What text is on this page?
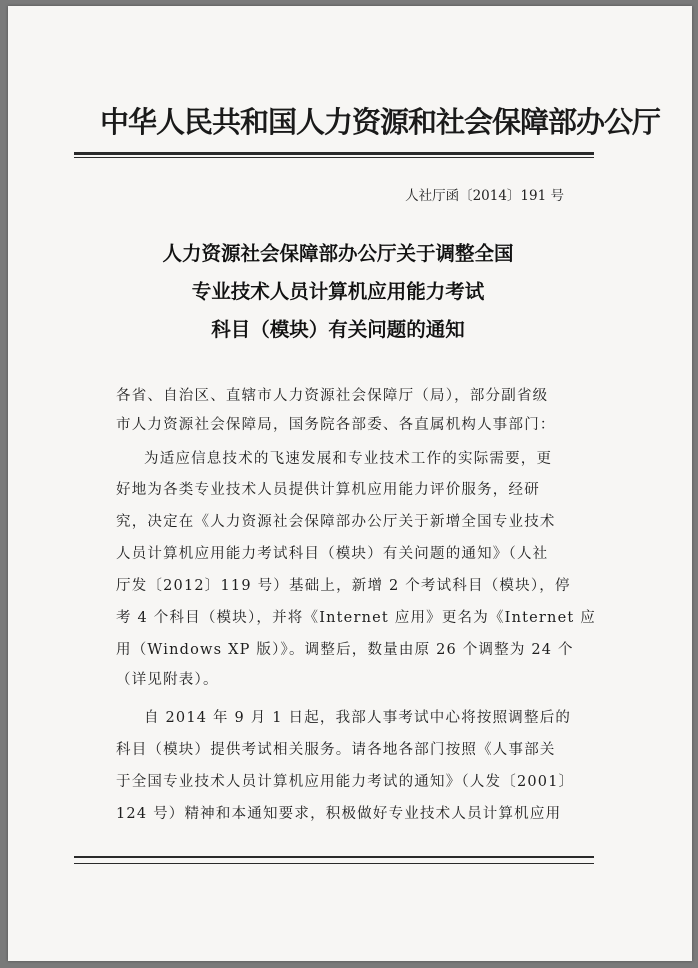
中华人民共和国人力资源和社会保障部办公厅
人社厅函〔2014〕191 号
人力资源社会保障部办公厅关于调整全国
专业技术人员计算机应用能力考试
科目（模块）有关问题的通知
各省、自治区、直辖市人力资源社会保障厅（局），部分副省级
市人力资源社会保障局，国务院各部委、各直属机构人事部门：
为适应信息技术的飞速发展和专业技术工作的实际需要，更
好地为各类专业技术人员提供计算机应用能力评价服务，经研
究，决定在《人力资源社会保障部办公厅关于新增全国专业技术
人员计算机应用能力考试科目（模块）有关问题的通知》（人社
厅发〔2012〕119 号）基础上，新增 2 个考试科目（模块），停
考 4 个科目（模块），并将《Internet 应用》更名为《Internet 应
用（Windows XP 版）》。调整后，数量由原 26 个调整为 24 个
（详见附表）。
自 2014 年 9 月 1 日起，我部人事考试中心将按照调整后的
科目（模块）提供考试相关服务。请各地各部门按照《人事部关
于全国专业技术人员计算机应用能力考试的通知》（人发〔2001〕
124 号）精神和本通知要求，积极做好专业技术人员计算机应用
